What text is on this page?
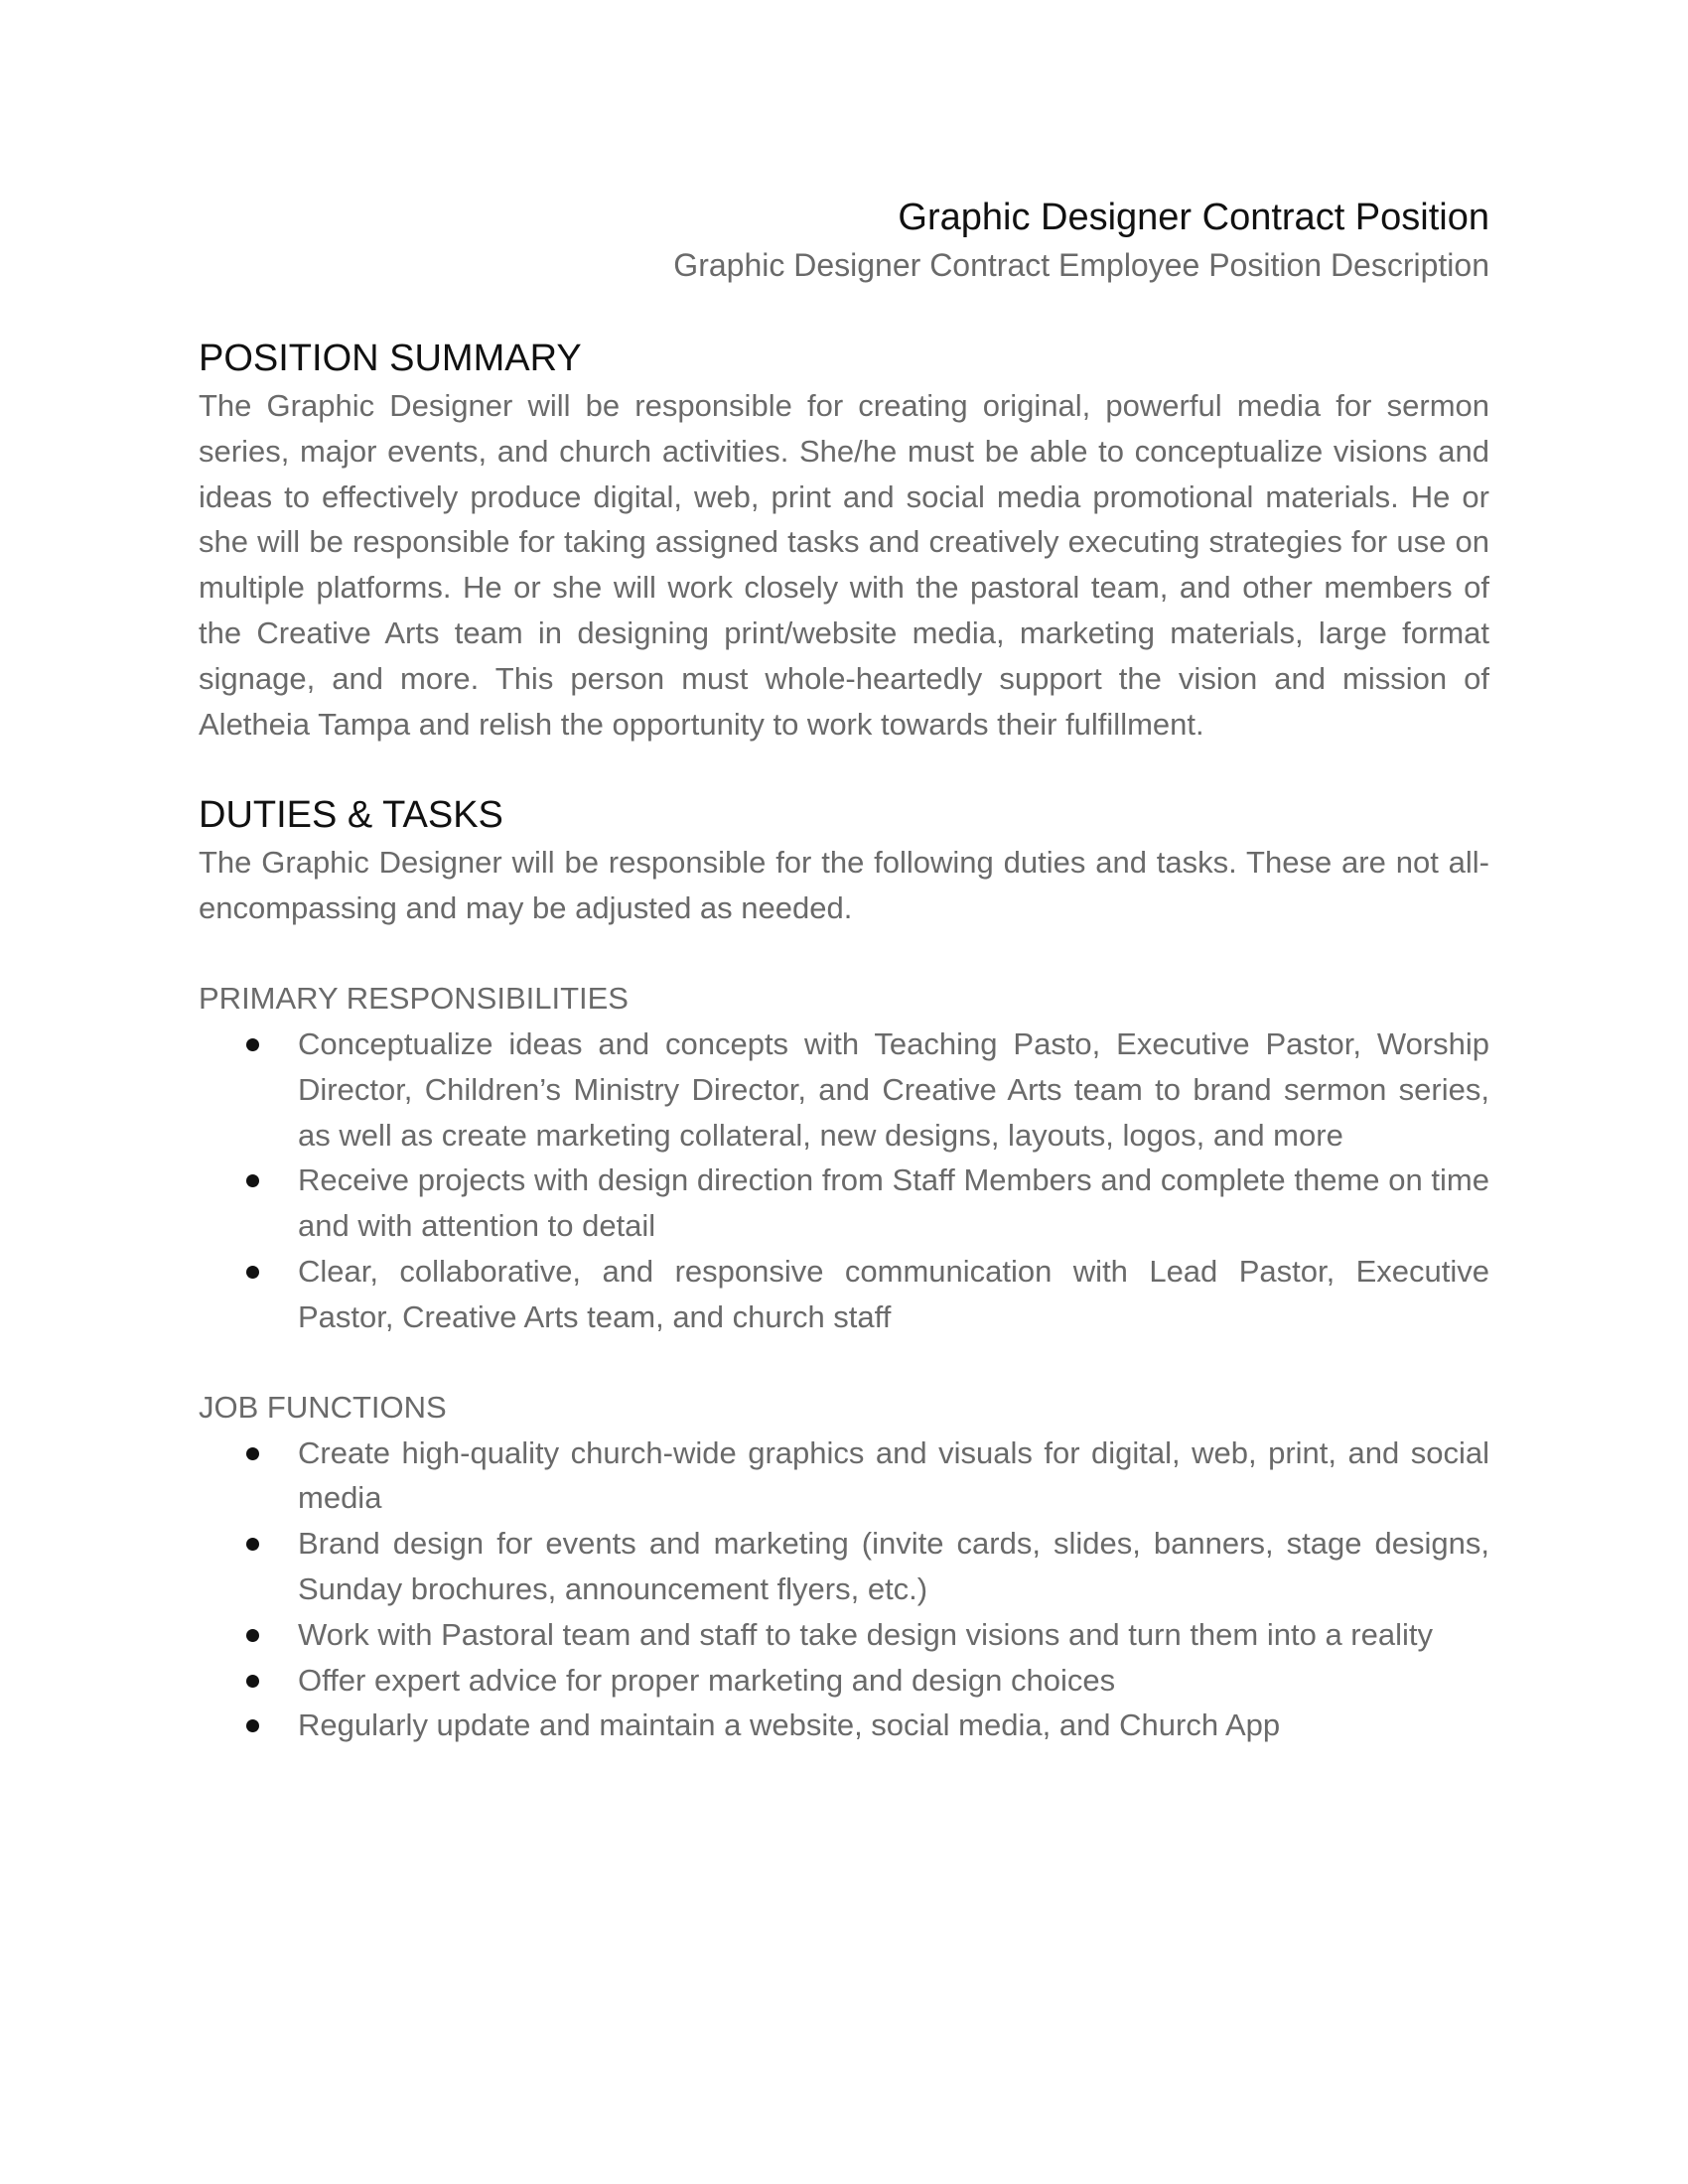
Graphic Designer Contract Position

Graphic Designer Contract Employee Position Description

POSITION SUMMARY

The Graphic Designer will be responsible for creating original, powerful media for sermon series, major events, and church activities. She/he must be able to conceptualize visions and ideas to effectively produce digital, web, print and social media promotional materials. He or she will be responsible for taking assigned tasks and creatively executing strategies for use on multiple platforms. He or she will work closely with the pastoral team, and other members of the Creative Arts team in designing print/website media, marketing materials, large format signage, and more. This person must whole-heartedly support the vision and mission of Aletheia Tampa and relish the opportunity to work towards their fulfillment.

DUTIES & TASKS

The Graphic Designer will be responsible for the following duties and tasks. These are not all-encompassing and may be adjusted as needed.

PRIMARY RESPONSIBILITIES

Conceptualize ideas and concepts with Teaching Pasto, Executive Pastor, Worship Director, Children’s Ministry Director, and Creative Arts team to brand sermon series, as well as create marketing collateral, new designs, layouts, logos, and more
Receive projects with design direction from Staff Members and complete theme on time and with attention to detail
Clear, collaborative, and responsive communication with Lead Pastor, Executive Pastor, Creative Arts team, and church staff

JOB FUNCTIONS

Create high-quality church-wide graphics and visuals for digital, web, print, and social media
Brand design for events and marketing (invite cards, slides, banners, stage designs, Sunday brochures, announcement flyers, etc.)
Work with Pastoral team and staff to take design visions and turn them into a reality
Offer expert advice for proper marketing and design choices
Regularly update and maintain a website, social media, and Church App
